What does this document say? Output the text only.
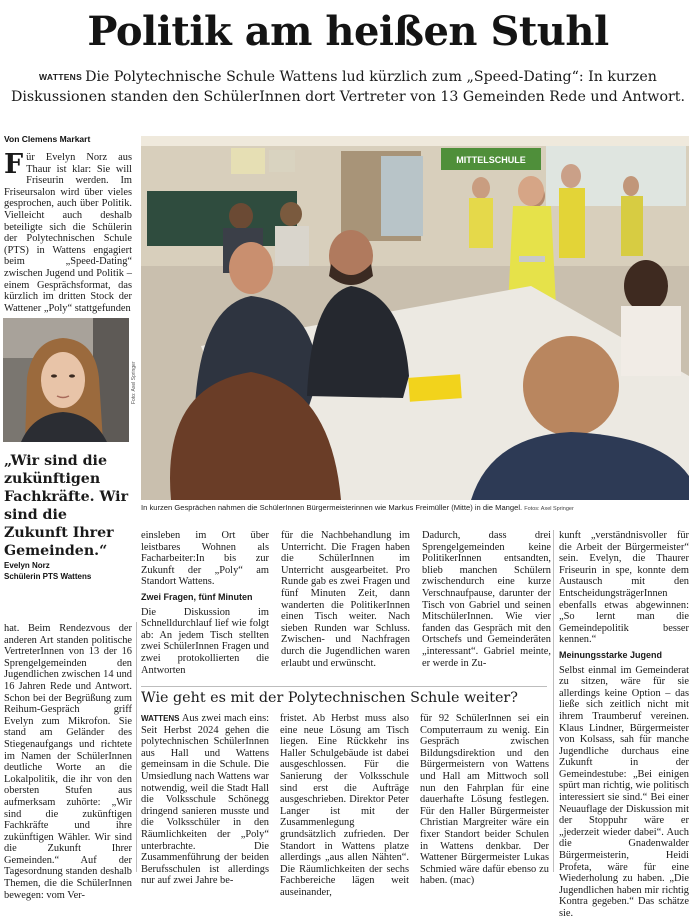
Politik am heißen Stuhl
WATTENS Die Polytechnische Schule Wattens lud kürzlich zum „Speed-Dating“: In kurzen Diskussionen standen den SchülerInnen dort Vertreter von 13 Gemeinden Rede und Antwort.
Von Clemens Markart

Für Evelyn Norz aus Thaur ist klar: Sie will Friseurin werden. Im Friseursalon wird über vieles gesprochen, auch über Politik. Vielleicht auch deshalb beteiligte sich die Schülerin der Polytechnischen Schule (PTS) in Wattens engagiert beim „Speed-Dating“ zwischen Jugend und Politik – einem Gesprächsformat, das kürzlich im dritten Stock der Wattener „Poly“ stattgefunden

Foto: Axel Springer
MITTELSCHULE
„Wir sind die zukünftigen Fachkräfte. Wir sind die Zukunft Ihrer Gemeinden.“
Evelyn Norz
Schülerin PTS Wattens
In kurzen Gesprächen nahmen die SchülerInnen Bürgermeisterinnen wie Markus Freimüller (Mitte) in die Mangel. Fotos: Axel Springer
hat. Beim Rendezvous der anderen Art standen politische VertreterInnen von 13 der 16 Sprengelgemeinden den Jugendlichen zwischen 14 und 16 Jahren Rede und Antwort. Schon bei der Begrüßung zum Reihum-Gespräch griff Evelyn zum Mikrofon. Sie stand am Geländer des Stiegenaufgangs und richtete im Namen der SchülerInnen deutliche Worte an die Lokalpolitik, die ihr von den obersten Stufen aus aufmerksam zuhörte: „Wir sind die zukünftigen Fachkräfte und ihre zukünftigen Wähler. Wir sind die Zukunft Ihrer Gemeinden.“ Auf der Tagesordnung standen deshalb Themen, die die SchülerInnen bewegen: vom Ver-

einsleben im Ort über leistbares Wohnen als Facharbeiter:In bis zur Zukunft der „Poly“ am Standort Wattens.

Zwei Fragen, fünf Minuten

Die Diskussion im Schnelldurchlauf lief wie folgt ab: An jedem Tisch stellten zwei SchülerInnen Fragen und zwei protokollierten die Antworten

für die Nachbehandlung im Unterricht. Die Fragen haben die SchülerInnen im Unterricht ausgearbeitet. Pro Runde gab es zwei Fragen und fünf Minuten Zeit, dann wanderten die PolitikerInnen einen Tisch weiter. Nach sieben Runden war Schluss. Zwischen- und Nachfragen durch die Jugendlichen waren erlaubt und erwünscht.
Dadurch, dass drei Sprengelgemeinden keine PolitikerInnen entsandten, blieb manchen Schülern zwischendurch eine kurze Verschnaufpause, darunter der Tisch von Gabriel und seinen MitschülerInnen. Wie vier fanden das Gespräch mit den Ortschefs und Gemeinderäten „interessant“. Gabriel meinte, er werde in Zu-

kunft „verständnisvoller für die Arbeit der Bürgermeister“ sein. Evelyn, die Thaurer Friseurin in spe, konnte dem Austausch mit den EntscheidungsträgerInnen ebenfalls etwas abgewinnen: „So lernt man die Gemeindepolitik besser kennen.“

Meinungsstarke Jugend

Selbst einmal im Gemeinderat zu sitzen, wäre für sie allerdings keine Option – das ließe sich zeitlich nicht mit ihrem Traumberuf vereinen. Klaus Lindner, Bürgermeister von Kolsass, sah für manche Jugendliche durchaus eine Zukunft in der Gemeindestube: „Bei einigen spürt man richtig, wie politisch interessiert sie sind.“ Bei einer Neuauflage der Diskussion mit der Stoppuhr wäre er „jederzeit wieder dabei“. Auch die Gnadenwalder Bürgermeisterin, Heidi Profeta, wäre für eine Wiederholung zu haben. „Die Jugendlichen haben mir richtig Kontra gegeben.“ Das schätze sie.

Wie geht es mit der Polytechnischen Schule weiter?
WATTENS Aus zwei mach eins: Seit Herbst 2024 gehen die polytechnischen SchülerInnen aus Hall und Wattens gemeinsam in die Schule. Die Umsiedlung nach Wattens war notwendig, weil die Stadt Hall die Volksschule Schönegg dringend sanieren musste und die Volksschüler in den Räumlichkeiten der „Poly“ unterbrachte. Die Zusammenführung der beiden Berufsschulen ist allerdings nur auf zwei Jahre be-
fristet. Ab Herbst muss also eine neue Lösung am Tisch liegen. Eine Rückkehr ins Haller Schulgebäude ist dabei ausgeschlossen. Für die Sanierung der Volksschule sind erst die Aufträge ausgeschrieben. Direktor Peter Langer ist mit der Zusammenlegung grundsätzlich zufrieden. Der Standort in Wattens platze allerdings „aus allen Nähten“. Die Räumlichkeiten der sechs Fachbereiche lägen weit auseinander,
für 92 SchülerInnen sei ein Computerraum zu wenig. Ein Gespräch zwischen Bildungsdirektion und den Bürgermeistern von Wattens und Hall am Mittwoch soll nun den Fahrplan für eine dauerhafte Lösung festlegen. Für den Haller Bürgermeister Christian Margreiter wäre ein fixer Standort beider Schulen in Wattens denkbar. Der Wattener Bürgermeister Lukas Schmied wäre dafür ebenso zu haben. (mac)
